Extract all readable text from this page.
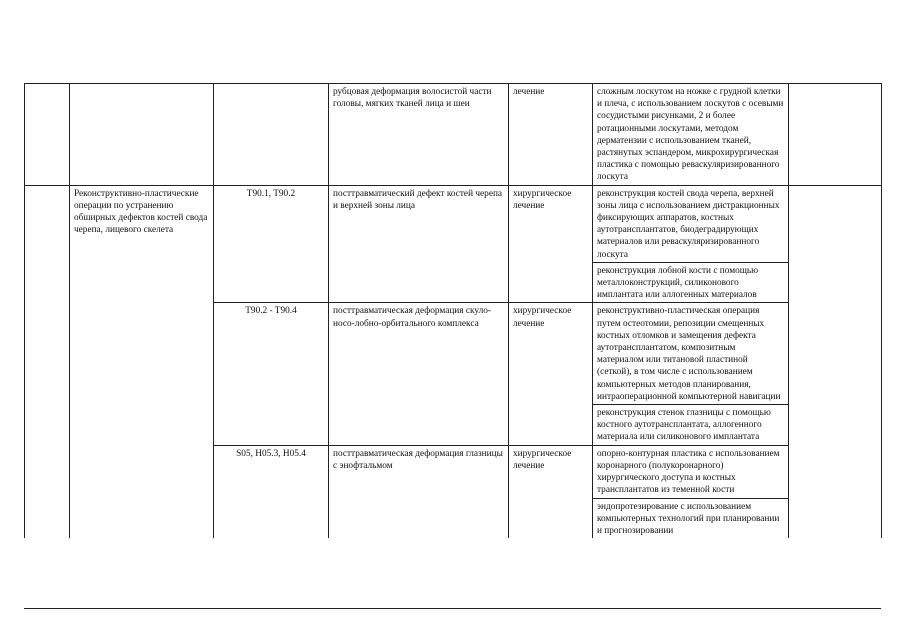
			рубцовая деформация волосистой части головы, мягких тканей лица и шеи	лечение	сложным лоскутом на ножке с грудной клетки и плеча, с использованием лоскутов с осевыми сосудистыми рисунками, 2 и более ротационными лоскутами, методом дерматензии с использованием тканей, растянутых эспандером, микрохирургическая пластика с помощью реваскуляризированного лоскута	
	Реконструктивно-пластические операции по устранению обширных дефектов костей свода черепа, лицевого скелета	T90.1, T90.2	посттравматический дефект костей черепа и верхней зоны лица	хирургическое лечение	реконструкция костей свода черепа, верхней зоны лица с использованием дистракционных фиксирующих аппаратов, костных аутотрансплантатов, биодеградирующих материалов или реваскуляризированного лоскута	
					реконструкция лобной кости с помощью металлоконструкций, силиконового имплантата или аллогенных материалов	
		T90.2 - T90.4	посттравматическая деформация скуло-носо-лобно-орбитального комплекса	хирургическое лечение	реконструктивно-пластическая операция путем остеотомии, репозиции смещенных костных отломков и замещения дефекта аутотрансплантатом, композитным материалом или титановой пластиной (сеткой), в том числе с использованием компьютерных методов планирования, интраоперационной компьютерной навигации	
					реконструкция стенок глазницы с помощью костного аутотрансплантата, аллогенного материала или силиконового имплантата	
		S05, H05.3, H05.4	посттравматическая деформация глазницы с энофтальмом	хирургическое лечение	опорно-контурная пластика с использованием коронарного (полукоронарного) хирургического доступа и костных трансплантатов из теменной кости	
					эндопротезирование с использованием компьютерных технологий при планировании и прогнозировании	
